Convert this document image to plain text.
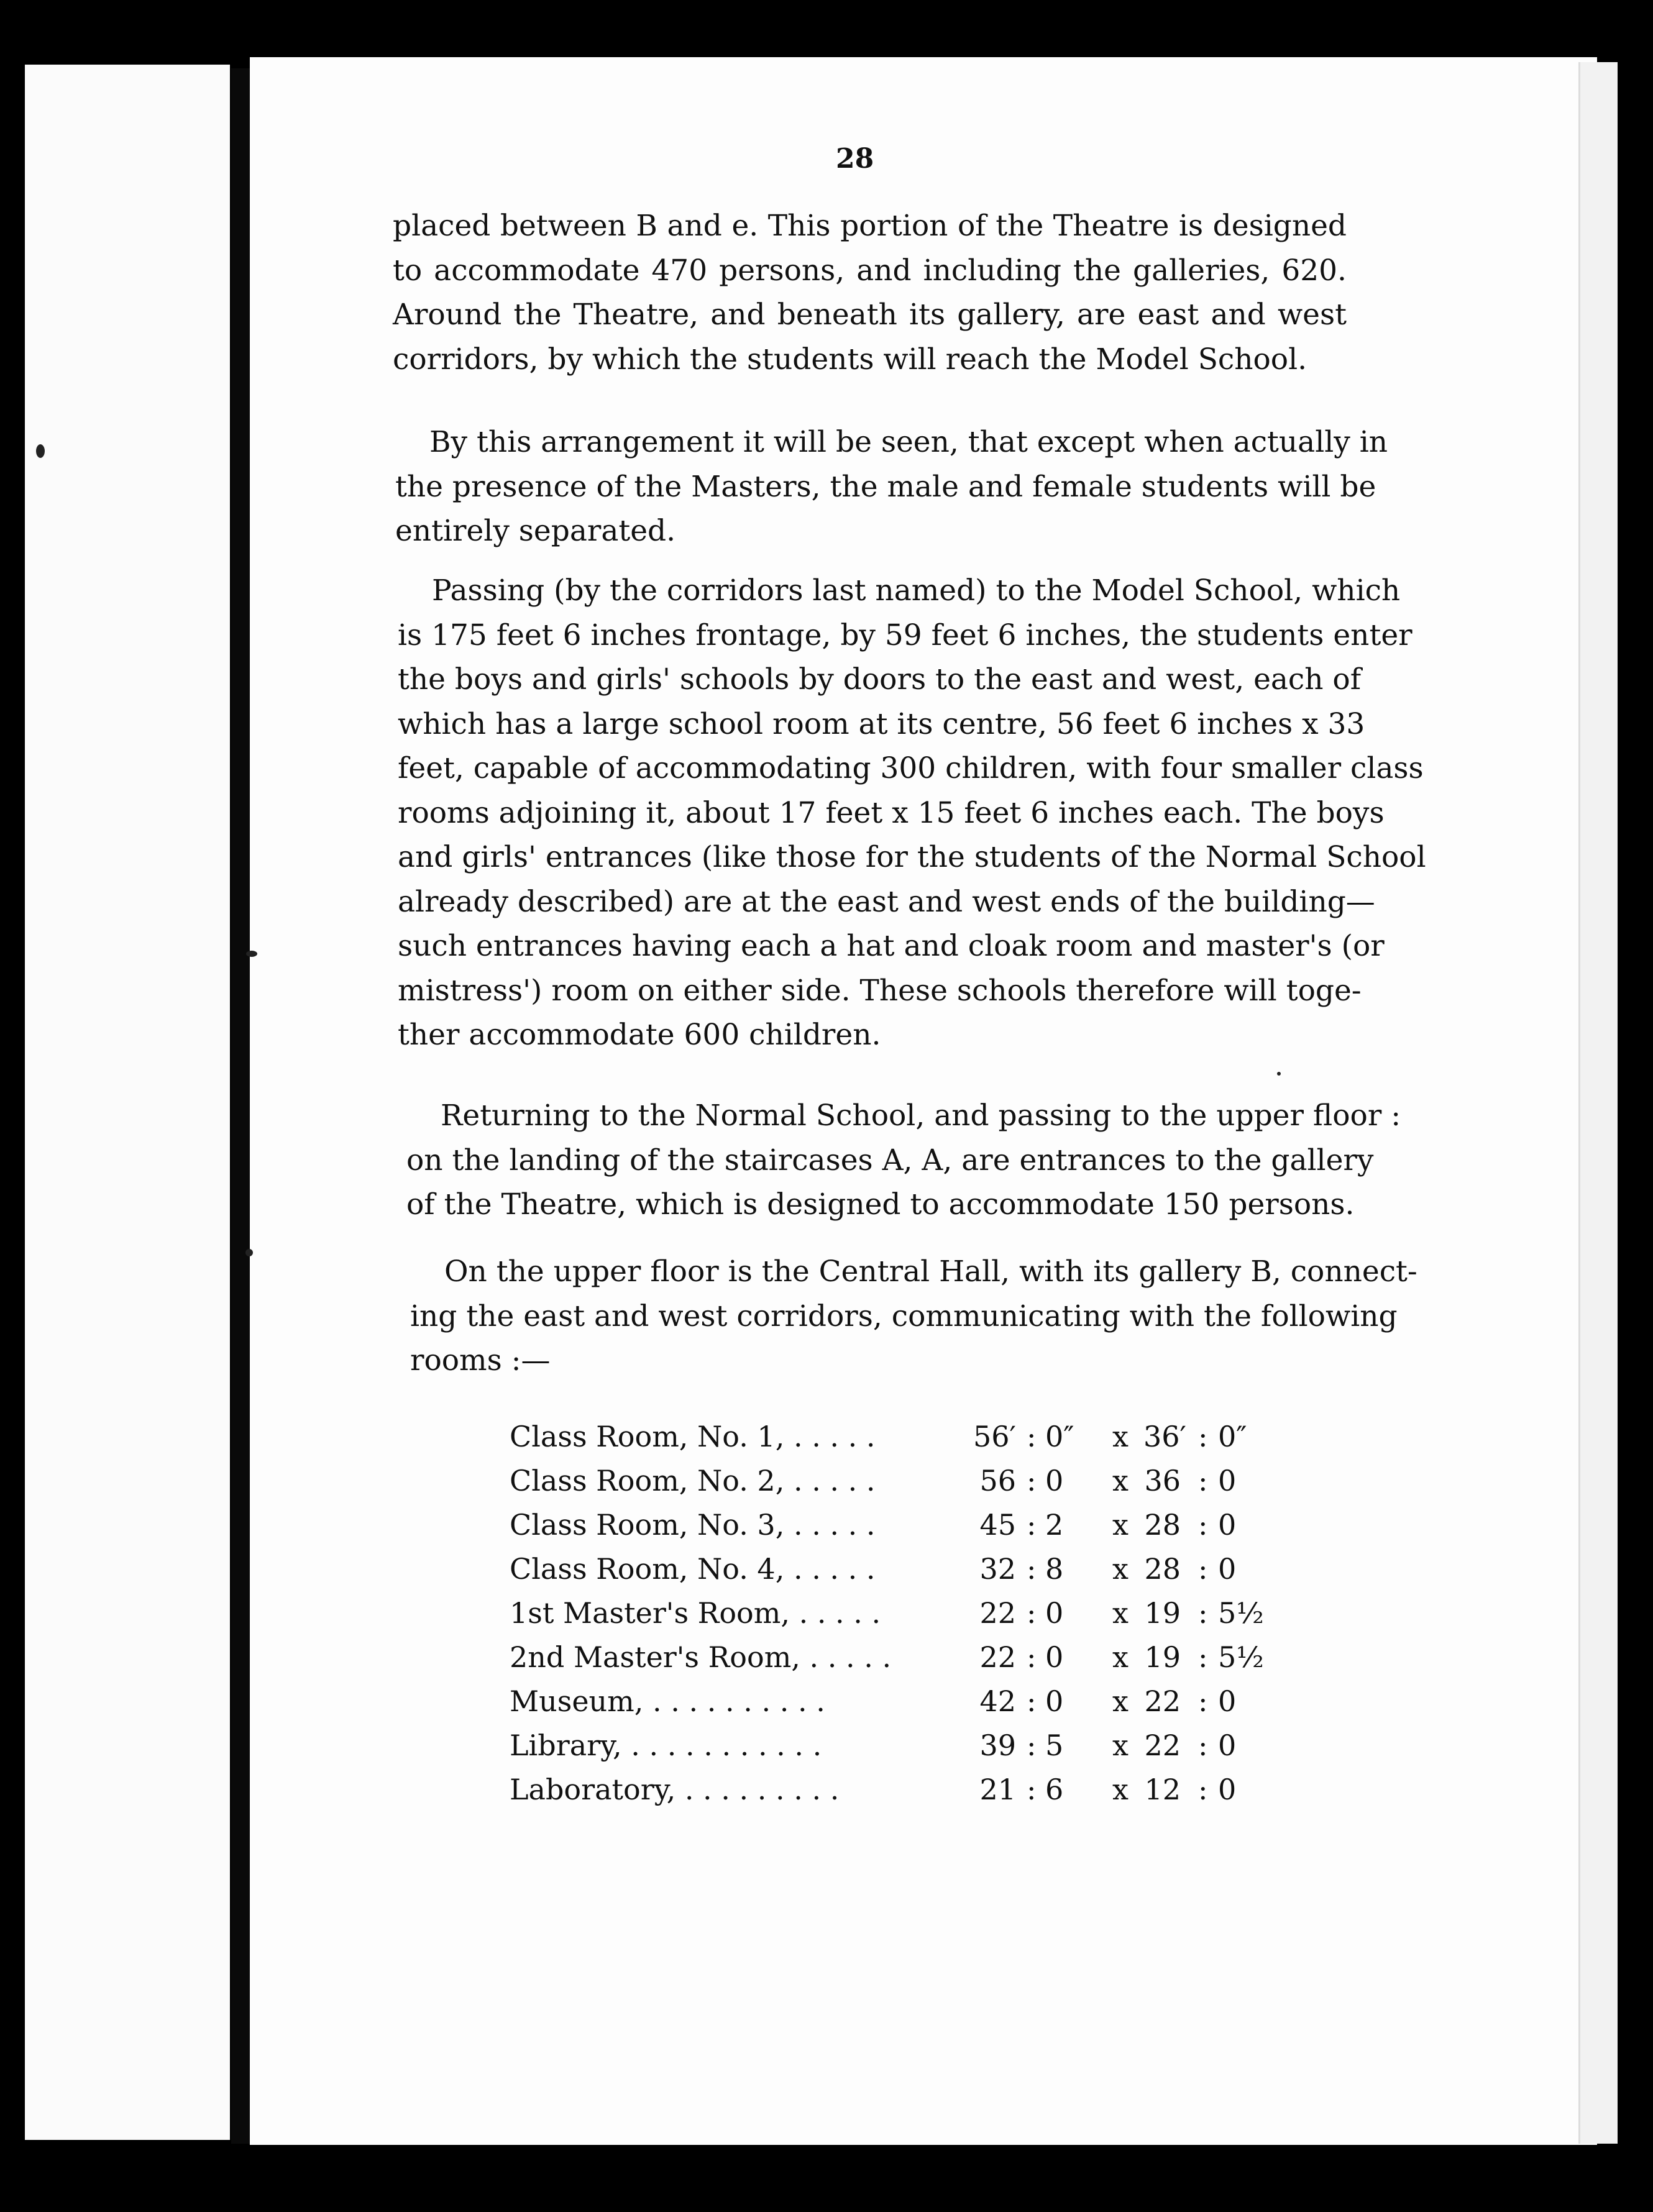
28
placed between B and e. This portion of the Theatre is designed
to accommodate 470 persons, and including the galleries, 620.
Around the Theatre, and beneath its gallery, are east and west
corridors, by which the students will reach the Model School.
By this arrangement it will be seen, that except when actually in
the presence of the Masters, the male and female students will be
entirely separated.
Passing (by the corridors last named) to the Model School, which
is 175 feet 6 inches frontage, by 59 feet 6 inches, the students enter
the boys and girls' schools by doors to the east and west, each of
which has a large school room at its centre, 56 feet 6 inches x 33
feet, capable of accommodating 300 children, with four smaller class
rooms adjoining it, about 17 feet x 15 feet 6 inches each. The boys
and girls' entrances (like those for the students of the Normal School
already described) are at the east and west ends of the building—
such entrances having each a hat and cloak room and master's (or
mistress') room on either side. These schools therefore will toge-
ther accommodate 600 children.
Returning to the Normal School, and passing to the upper floor :
on the landing of the staircases A, A, are entrances to the gallery
of the Theatre, which is designed to accommodate 150 persons.
On the upper floor is the Central Hall, with its gallery B, connect-
ing the east and west corridors, communicating with the following
rooms :—
Class Room, No. 1, . . . . .	56′ : 0″ x 36′ : 0″
Class Room, No. 2, . . . . .	56 : 0 x 36 : 0
Class Room, No. 3, . . . . .	45 : 2 x 28 : 0
Class Room, No. 4, . . . . .	32 : 8 x 28 : 0
1st Master's Room, . . . . .	22 : 0 x 19 : 5½
2nd Master's Room, . . . . .	22 : 0 x 19 : 5½
Museum, . . . . . . . . . .	42 : 0 x 22 : 0
Library, . . . . . . . . . . .	39 : 5 x 22 : 0
Laboratory, . . . . . . . . .	21 : 6 x 12 : 0
